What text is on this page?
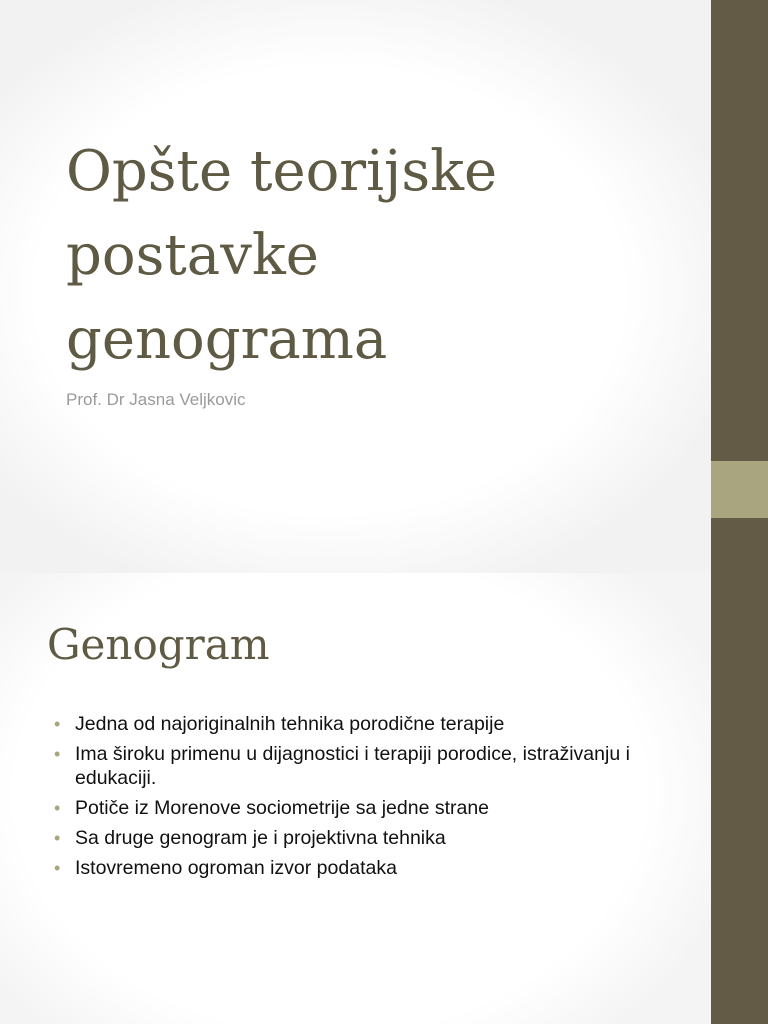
Opšte teorijske postavke genograma

Prof. Dr Jasna Veljkovic

Genogram
• Jedna od najoriginalnih tehnika porodične terapije
• Ima široku primenu u dijagnostici i terapiji porodice, istraživanju i edukaciji.
• Potiče iz Morenove sociometrije sa jedne strane
• Sa druge genogram je i projektivna tehnika
• Istovremeno ogroman izvor podataka
